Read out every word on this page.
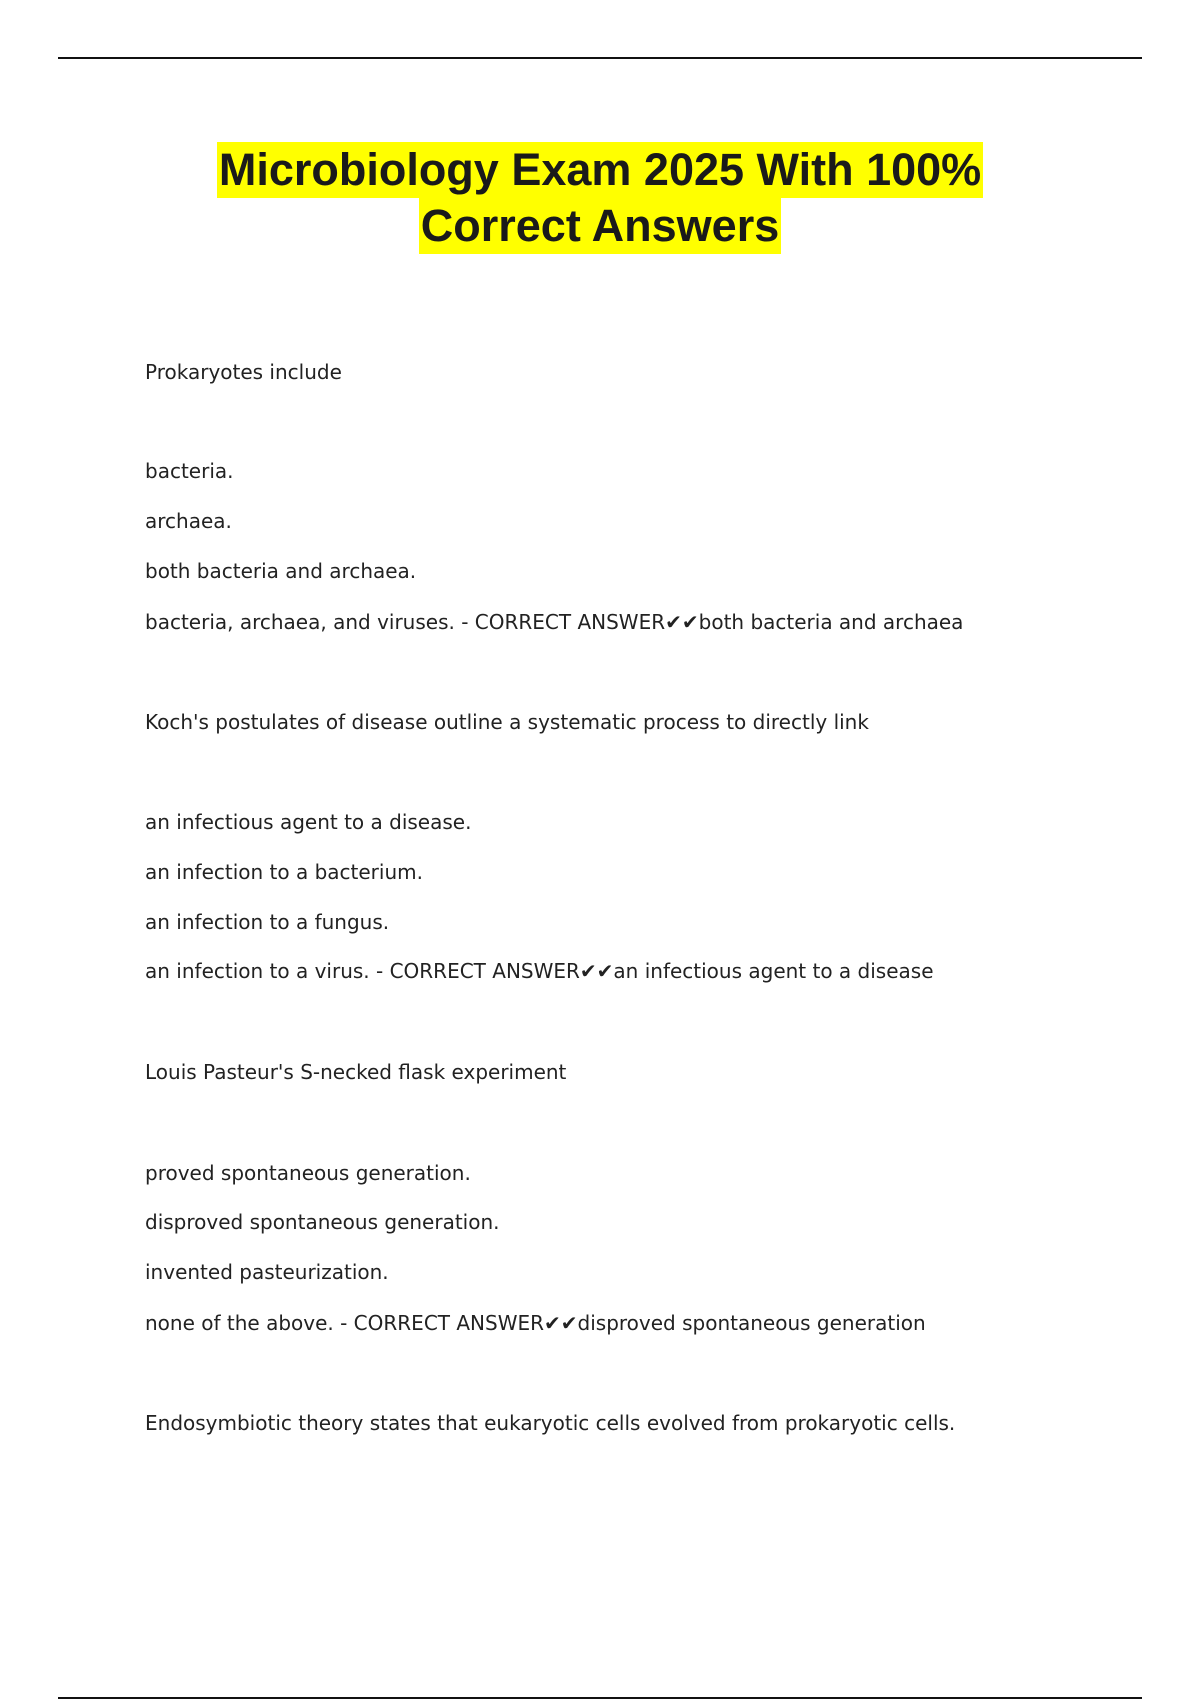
Microbiology Exam 2025 With 100%
Correct Answers
Prokaryotes include
bacteria.
archaea.
both bacteria and archaea.
bacteria, archaea, and viruses. - CORRECT ANSWER✔✔both bacteria and archaea
Koch's postulates of disease outline a systematic process to directly link
an infectious agent to a disease.
an infection to a bacterium.
an infection to a fungus.
an infection to a virus. - CORRECT ANSWER✔✔an infectious agent to a disease
Louis Pasteur's S-necked flask experiment
proved spontaneous generation.
disproved spontaneous generation.
invented pasteurization.
none of the above. - CORRECT ANSWER✔✔disproved spontaneous generation
Endosymbiotic theory states that eukaryotic cells evolved from prokaryotic cells.
